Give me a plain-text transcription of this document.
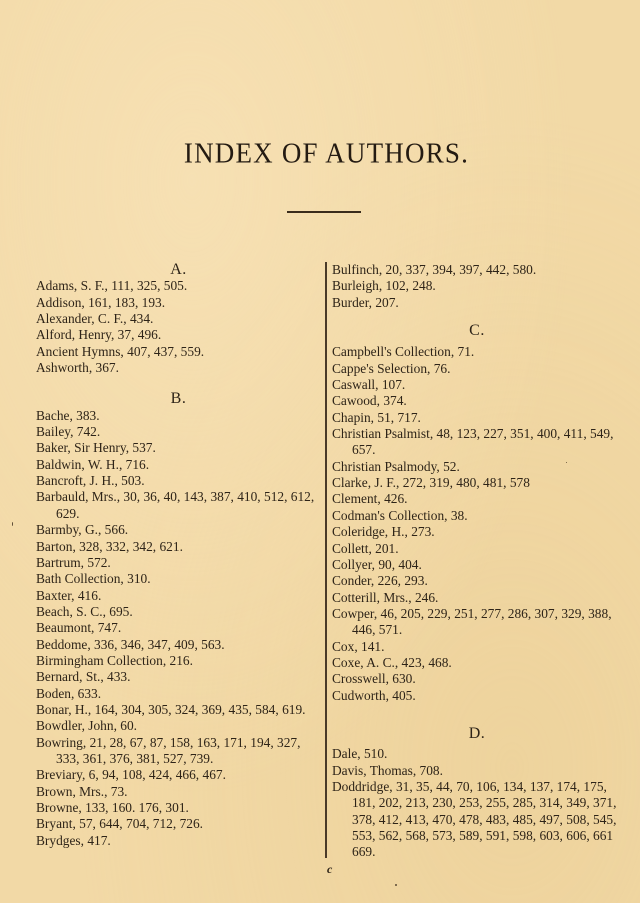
INDEX OF AUTHORS.
A.
Adams, S. F., 111, 325, 505.
Addison, 161, 183, 193.
Alexander, C. F., 434.
Alford, Henry, 37, 496.
Ancient Hymns, 407, 437, 559.
Ashworth, 367.
B.
Bache, 383.
Bailey, 742.
Baker, Sir Henry, 537.
Baldwin, W. H., 716.
Bancroft, J. H., 503.
Barbauld, Mrs., 30, 36, 40, 143, 387, 410, 512, 612, 629.
Barmby, G., 566.
Barton, 328, 332, 342, 621.
Bartrum, 572.
Bath Collection, 310.
Baxter, 416.
Beach, S. C., 695.
Beaumont, 747.
Beddome, 336, 346, 347, 409, 563.
Birmingham Collection, 216.
Bernard, St., 433.
Boden, 633.
Bonar, H., 164, 304, 305, 324, 369, 435, 584, 619.
Bowdler, John, 60.
Bowring, 21, 28, 67, 87, 158, 163, 171, 194, 327, 333, 361, 376, 381, 527, 739.
Breviary, 6, 94, 108, 424, 466, 467.
Brown, Mrs., 73.
Browne, 133, 160. 176, 301.
Bryant, 57, 644, 704, 712, 726.
Brydges, 417.
Bulfinch, 20, 337, 394, 397, 442, 580.
Burleigh, 102, 248.
Burder, 207.
C.
Campbell's Collection, 71.
Cappe's Selection, 76.
Caswall, 107.
Cawood, 374.
Chapin, 51, 717.
Christian Psalmist, 48, 123, 227, 351, 400, 411, 549, 657.
Christian Psalmody, 52.
Clarke, J. F., 272, 319, 480, 481, 578
Clement, 426.
Codman's Collection, 38.
Coleridge, H., 273.
Collett, 201.
Collyer, 90, 404.
Conder, 226, 293.
Cotterill, Mrs., 246.
Cowper, 46, 205, 229, 251, 277, 286, 307, 329, 388, 446, 571.
Cox, 141.
Coxe, A. C., 423, 468.
Crosswell, 630.
Cudworth, 405.
D.
Dale, 510.
Davis, Thomas, 708.
Doddridge, 31, 35, 44, 70, 106, 134, 137, 174, 175, 181, 202, 213, 230, 253, 255, 285, 314, 349, 371, 378, 412, 413, 470, 478, 483, 485, 497, 508, 545, 553, 562, 568, 573, 589, 591, 598, 603, 606, 661 669.
c
